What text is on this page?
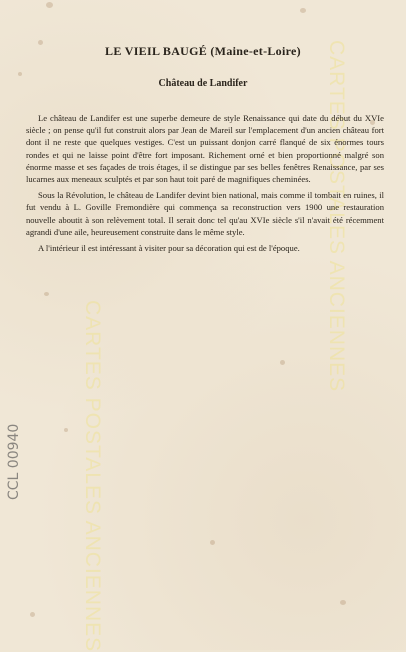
CARTES POSTALES ANCIENNES
CARTES POSTALES ANCIENNES
LE VIEIL BAUGÉ (Maine-et-Loire)
Château de Landifer

Le château de Landifer est une superbe demeure de style Renaissance qui date du début du XVIe siècle ; on pense qu'il fut construit alors par Jean de Mareil sur l'emplacement d'un ancien château fort dont il ne reste que quelques vestiges. C'est un puissant donjon carré flanqué de six énormes tours rondes et qui ne laisse point d'être fort imposant. Richement orné et bien proportionné malgré son énorme masse et ses façades de trois étages, il se distingue par ses belles fenêtres Renaissance, par ses lucarnes aux meneaux sculptés et par son haut toit paré de magnifiques cheminées.

Sous la Révolution, le château de Landifer devint bien national, mais comme il tombait en ruines, il fut vendu à L. Goville Fremondière qui commença sa reconstruction vers 1900 une restauration nouvelle aboutit à son relèvement total. Il serait donc tel qu'au XVIe siècle s'il n'avait été récemment agrandi d'une aile, heureusement construite dans le même style.

A l'intérieur il est intéressant à visiter pour sa décoration qui est de l'époque.

CCL 00940
